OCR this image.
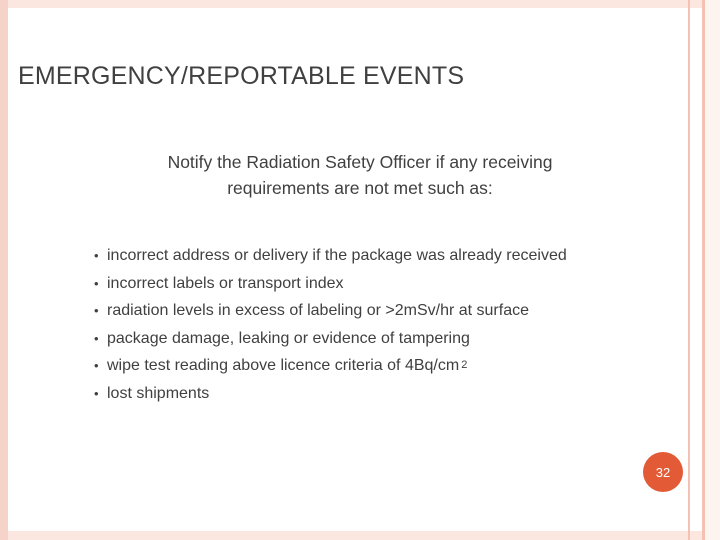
EMERGENCY/REPORTABLE EVENTS
Notify the Radiation Safety Officer if any receiving requirements are not met such as:
• incorrect address or delivery if the package was already received
• incorrect labels or transport index
• radiation levels in excess of labeling or >2mSv/hr at surface
• package damage, leaking or evidence of tampering
• wipe test reading above licence criteria of 4Bq/cm 2
• lost shipments
32
